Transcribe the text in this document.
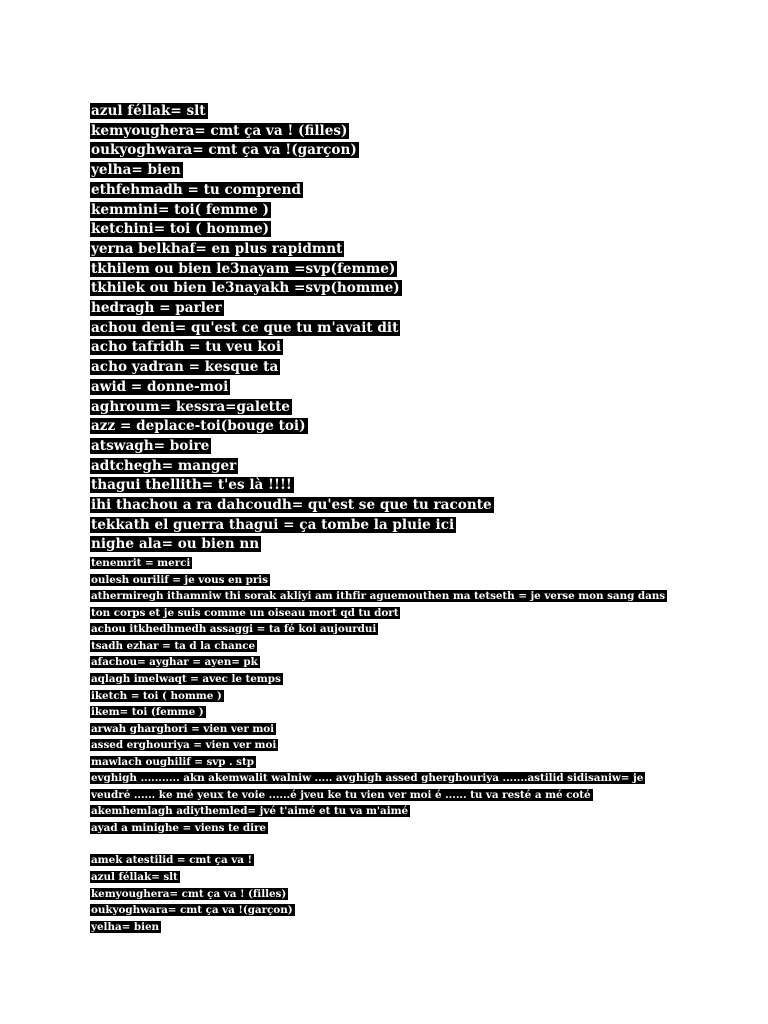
azul féllak= slt
kemyoughera= cmt ça va ! (filles)
oukyoghwara= cmt ça va !(garçon)
yelha= bien
ethfehmadh = tu comprend
kemmini= toi( femme )
ketchini= toi ( homme)
yerna belkhaf= en plus rapidmnt
tkhilem ou bien le3nayam =svp(femme)
tkhilek ou bien le3nayakh =svp(homme)
hedragh = parler
achou deni= qu'est ce que tu m'avait dit
acho tafridh = tu veu koi
acho yadran = kesque ta
awid = donne-moi
aghroum= kessra=galette
azz = deplace-toi(bouge toi)
atswagh= boire
adtchegh= manger
thagui thellith= t'es là !!!!
ihi thachou a ra dahcoudh= qu'est se que tu raconte
tekkath el guerra thagui = ça tombe la pluie ici
nighe ala= ou bien nn
tenemrit = merci
oulesh ourilif = je vous en pris
athermiregh ithamniw thi sorak akliyi am ithfir aguemouthen ma tetseth = je verse mon sang dans
ton corps et je suis comme un oiseau mort qd tu dort
achou itkhedhmedh assaggi = ta fé koi aujourdui
tsadh ezhar = ta d la chance
afachou= ayghar = ayen= pk
aqlagh imelwaqt = avec le temps
iketch = toi ( homme )
ikem= toi (femme )
arwah gharghori = vien ver moi
assed erghouriya = vien ver moi
mawlach oughilif = svp . stp
evghigh ........... akn akemwalit walniw ..... avghigh assed gherghouriya .......astilid sidisaniw= je
veudré ...... ke mé yeux te voie ......é jveu ke tu vien ver moi é ...... tu va resté a mé coté
akemhemlagh adiythemled= jvé t'aimé et tu va m'aimé
ayad a minighe = viens te dire
amek atestilid = cmt ça va !
azul féllak= slt
kemyoughera= cmt ça va ! (filles)
oukyoghwara= cmt ça va !(garçon)
yelha= bien
